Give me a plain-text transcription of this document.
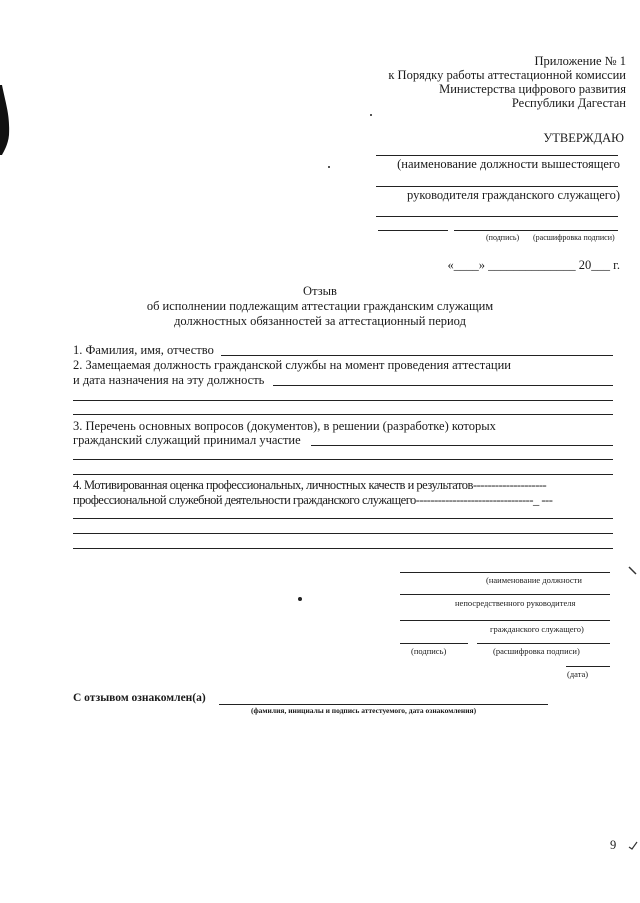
Приложение № 1
к Порядку работы аттестационной комиссии
Министерства цифрового развития
Республики Дагестан
УТВЕРЖДАЮ
(наименование должности вышестоящего
руководителя гражданского служащего)
(подпись) (расшифровка подписи)
«____» ______________ 20___ г.
Отзыв
об исполнении подлежащим аттестации гражданским служащим
должностных обязанностей за аттестационный период
1. Фамилия, имя, отчество
2. Замещаемая должность гражданской службы на момент проведения аттестации
и дата назначения на эту должность
3. Перечень основных вопросов (документов), в решении (разработке) которых
гражданский служащий принимал участие
4. Мотивированная оценка профессиональных, личностных качеств и результатов--------------------
профессиональной служебной деятельности гражданского служащего--------------------------------_ ---
(наименование должности
непосредственного руководителя
гражданского служащего)
(подпись)	(расшифровка подписи)
(дата)
С отзывом ознакомлен(а)
(фамилия, инициалы и подпись аттестуемого, дата ознакомления)
9
